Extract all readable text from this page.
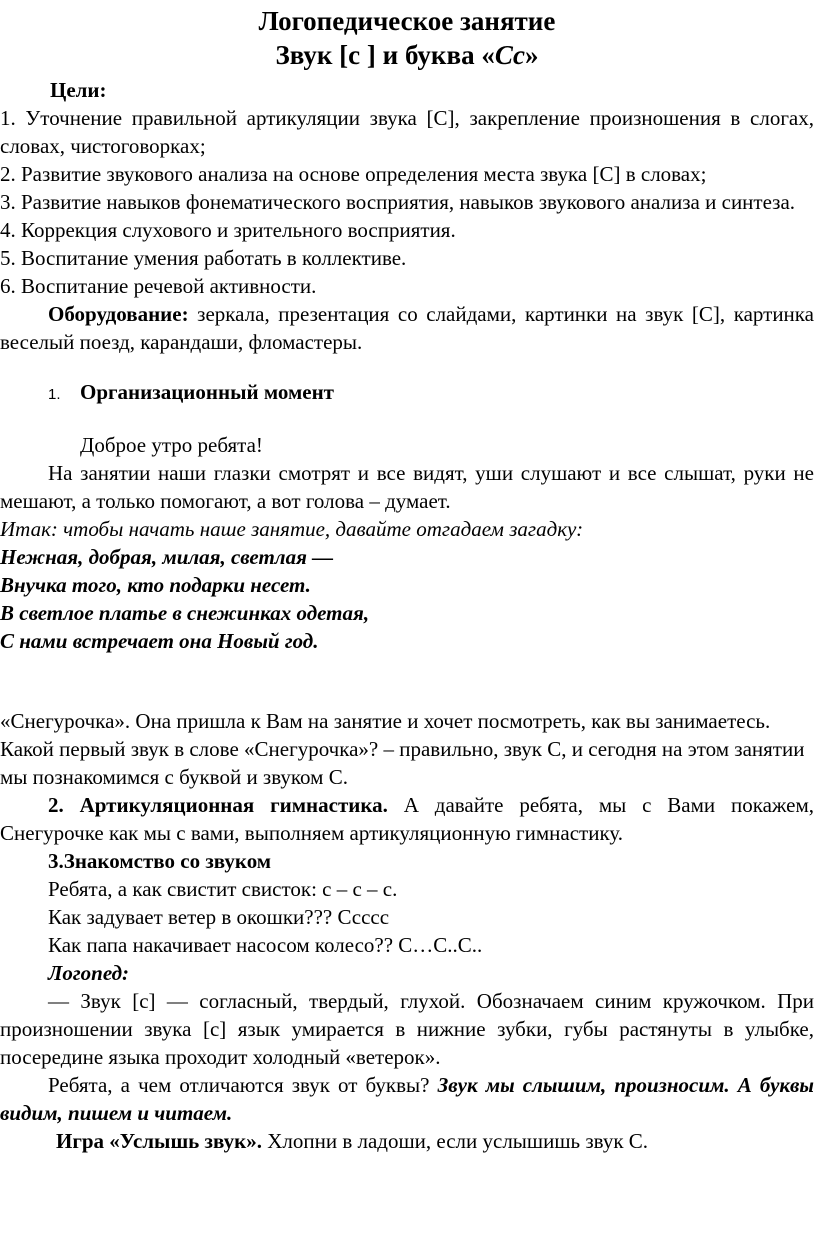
Логопедическое занятие

Звук [с ] и буква «Сс»

Цели:

1. Уточнение правильной артикуляции звука [С], закрепление произношения в слогах, словах, чистоговорках;

2. Развитие звукового анализа на основе определения места звука [С] в словах;

3. Развитие навыков фонематического восприятия, навыков звукового анализа и синтеза.

4. Коррекция слухового и зрительного восприятия.

5. Воспитание умения работать в коллективе.

6. Воспитание речевой активности.

Оборудование: зеркала, презентация со слайдами, картинки на звук [С], картинка веселый поезд, карандаши, фломастеры.

1. Организационный момент

Доброе утро ребята!

На занятии наши глазки смотрят и все видят, уши слушают и все слышат, руки не мешают, а только помогают, а вот голова – думает.

Итак: чтобы начать наше занятие, давайте отгадаем загадку:

Нежная, добрая, милая, светлая —

Внучка того, кто подарки несет.

В светлое платье в снежинках одетая,

С нами встречает она Новый год.

«Снегурочка». Она пришла к Вам на занятие и хочет посмотреть, как вы занимаетесь.

Какой первый звук в слове «Снегурочка»? – правильно, звук С, и сегодня на этом занятии мы познакомимся с буквой и звуком С.

2. Артикуляционная гимнастика. А давайте ребята, мы с Вами покажем, Снегурочке как мы с вами, выполняем артикуляционную гимнастику.

3.Знакомство со звуком

Ребята, а как свистит свисток: с – с – с.

Как задувает ветер в окошки??? Ссссс

Как папа накачивает насосом колесо?? С…С..С..

Логопед:

— Звук [с] — согласный, твердый, глухой. Обозначаем синим кружочком. При произношении звука [с] язык умирается в нижние зубки, губы растянуты в улыбке, посередине языка проходит холодный «ветерок».

Ребята, а чем отличаются звук от буквы? Звук мы слышим, произносим. А буквы видим, пишем и читаем.

Игра «Услышь звук». Хлопни в ладоши, если услышишь звук С.
